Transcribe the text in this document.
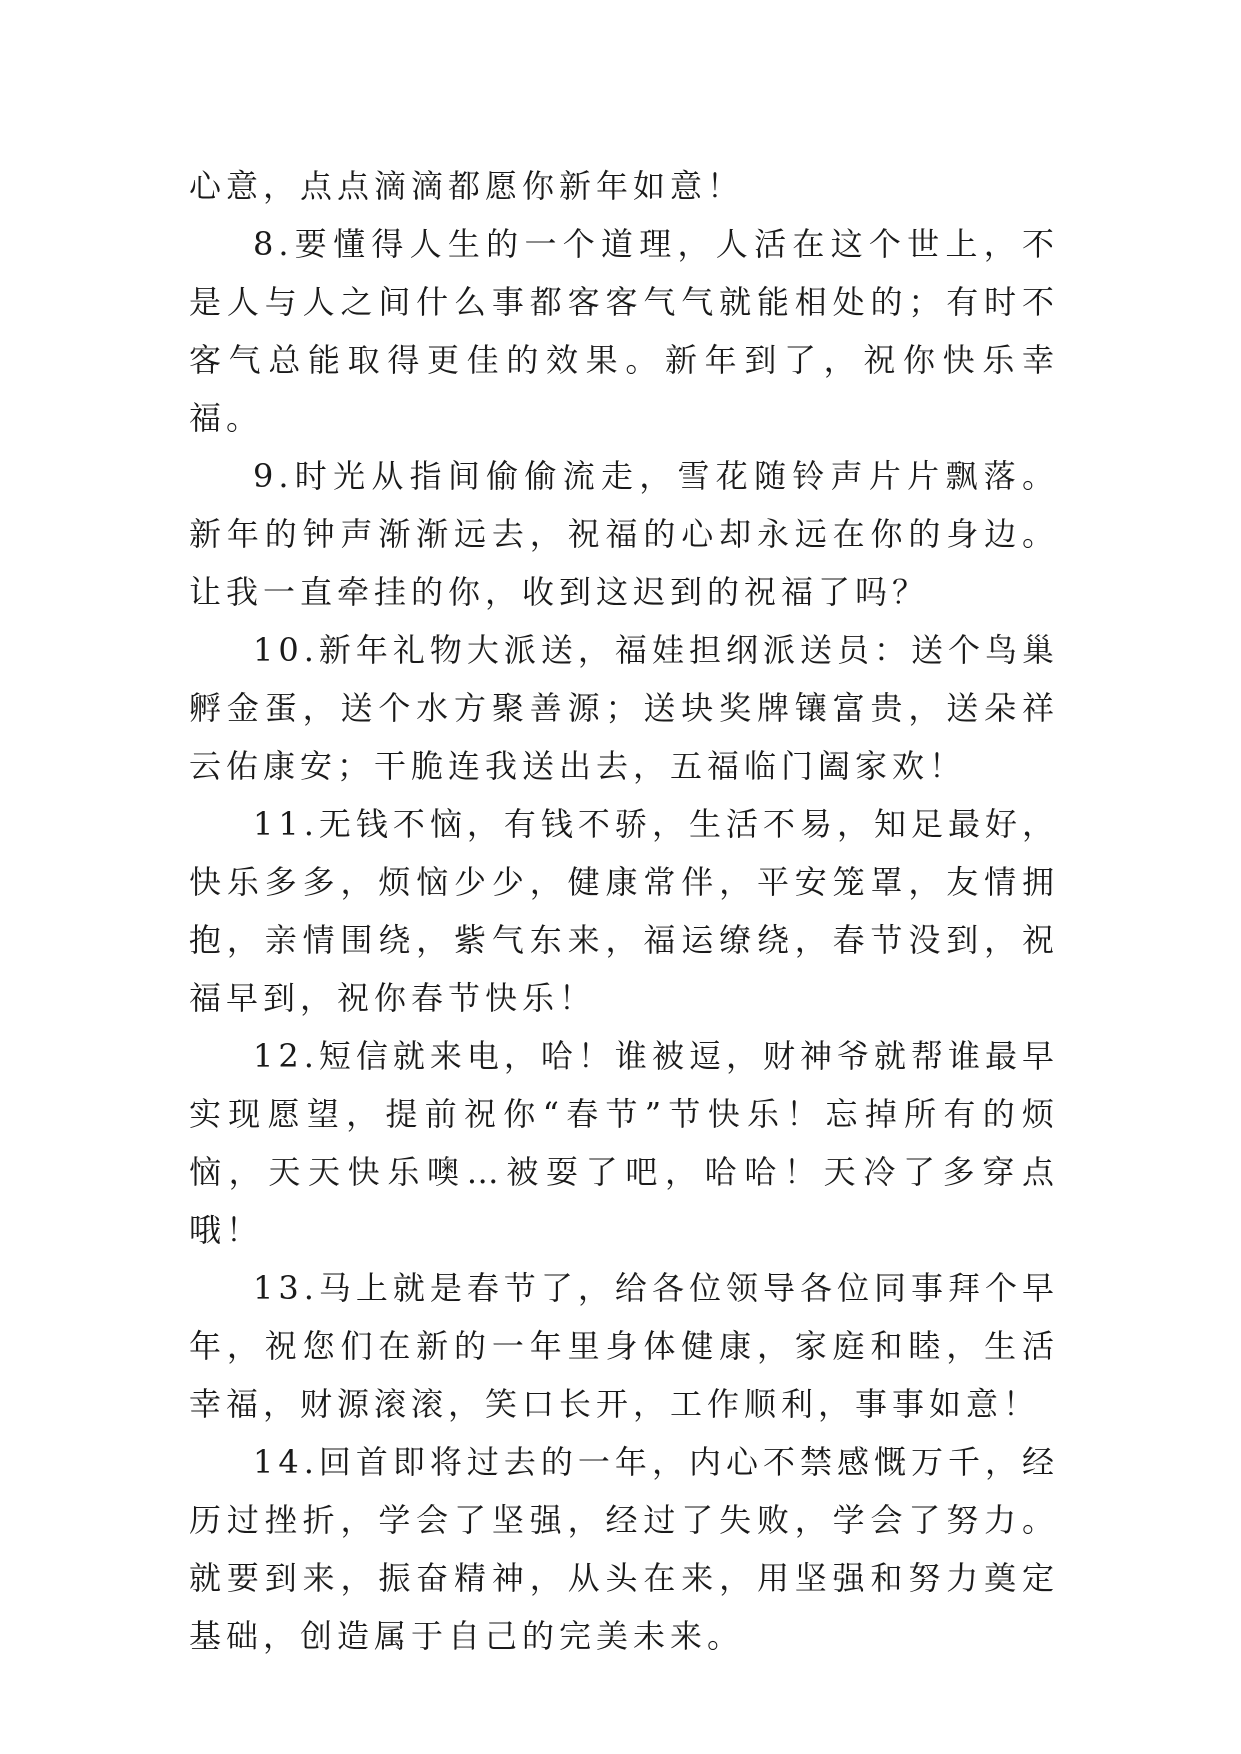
心意，点点滴滴都愿你新年如意！

8.要懂得人生的一个道理，人活在这个世上，不是人与人之间什么事都客客气气就能相处的；有时不客气总能取得更佳的效果。新年到了，祝你快乐幸福。

9.时光从指间偷偷流走，雪花随铃声片片飘落。新年的钟声渐渐远去，祝福的心却永远在你的身边。让我一直牵挂的你，收到这迟到的祝福了吗？

10.新年礼物大派送，福娃担纲派送员：送个鸟巢孵金蛋，送个水方聚善源；送块奖牌镶富贵，送朵祥云佑康安；干脆连我送出去，五福临门阖家欢！

11.无钱不恼，有钱不骄，生活不易，知足最好，快乐多多，烦恼少少，健康常伴，平安笼罩，友情拥抱，亲情围绕，紫气东来，福运缭绕，春节没到，祝福早到，祝你春节快乐！

12.短信就来电，哈！谁被逗，财神爷就帮谁最早实现愿望，提前祝你“春节”节快乐！忘掉所有的烦恼，天天快乐噢…被耍了吧，哈哈！天冷了多穿点哦！

13.马上就是春节了，给各位领导各位同事拜个早年，祝您们在新的一年里身体健康，家庭和睦，生活幸福，财源滚滚，笑口长开，工作顺利，事事如意！

14.回首即将过去的一年，内心不禁感慨万千，经历过挫折，学会了坚强，经过了失败，学会了努力。就要到来，振奋精神，从头在来，用坚强和努力奠定基础，创造属于自己的完美未来。
